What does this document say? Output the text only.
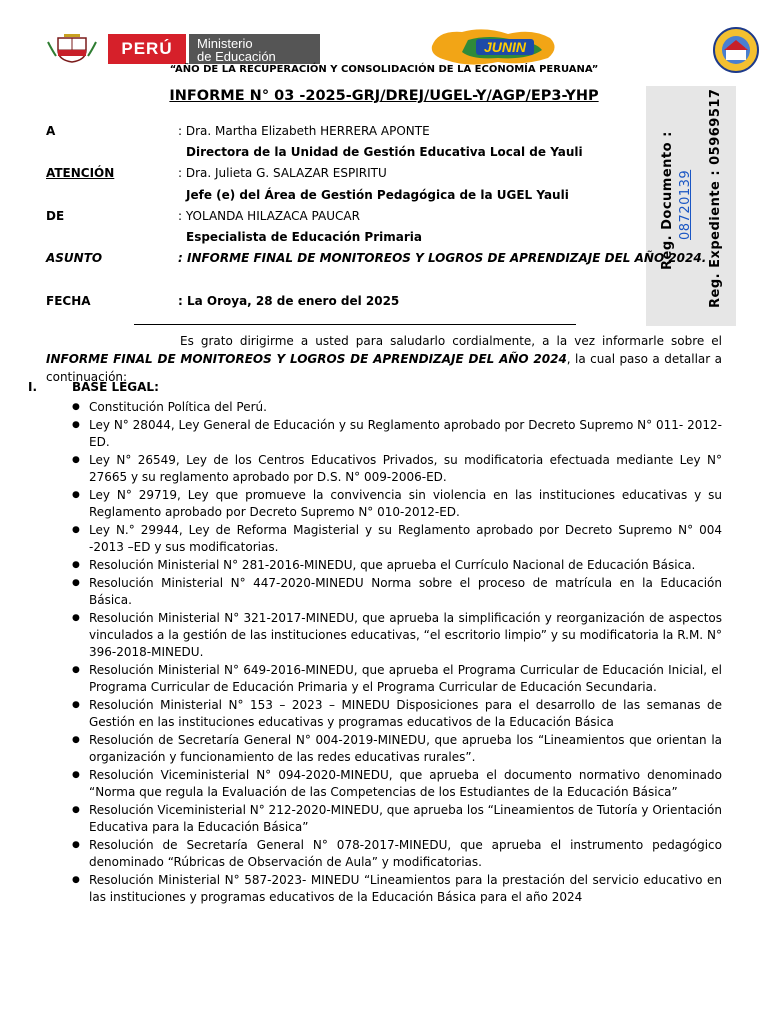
PERÚ	Ministerio
de Educación
JUNIN
“AÑO DE LA RECUPERACIÓN Y CONSOLIDACIÓN DE LA ECONOMÍA PERUANA”
INFORME N° 03 -2025-GRJ/DREJ/UGEL-Y/AGP/EP3-YHP
Reg. Documento : 08720139 Reg. Expediente : 05969517
A	: Dra. Martha Elizabeth HERRERA APONTE
Directora de la Unidad de Gestión Educativa Local de Yauli
ATENCIÓN	: Dra. Julieta G. SALAZAR ESPIRITU
Jefe (e) del Área de Gestión Pedagógica de la UGEL Yauli
DE	: YOLANDA HILAZACA PAUCAR
Especialista de Educación Primaria
ASUNTO	: INFORME FINAL DE MONITOREOS Y LOGROS DE APRENDIZAJE DEL AÑO 2024.
FECHA	: La Oroya, 28 de enero del 2025
Es grato dirigirme a usted para saludarlo cordialmente, a la vez informarle sobre el INFORME FINAL DE MONITOREOS Y LOGROS DE APRENDIZAJE DEL AÑO 2024, la cual paso a detallar a continuación:
I.	BASE LEGAL:
● Constitución Política del Perú.
● Ley N° 28044, Ley General de Educación y su Reglamento aprobado por Decreto Supremo N° 011- 2012-ED.
● Ley N° 26549, Ley de los Centros Educativos Privados, su modificatoria efectuada mediante Ley N° 27665 y su reglamento aprobado por D.S. N° 009-2006-ED.
● Ley N° 29719, Ley que promueve la convivencia sin violencia en las instituciones educativas y su Reglamento aprobado por Decreto Supremo N° 010-2012-ED.
● Ley N.° 29944, Ley de Reforma Magisterial y su Reglamento aprobado por Decreto Supremo N° 004 -2013 –ED y sus modificatorias.
● Resolución Ministerial N° 281-2016-MINEDU, que aprueba el Currículo Nacional de Educación Básica.
● Resolución Ministerial N° 447-2020-MINEDU Norma sobre el proceso de matrícula en la Educación Básica.
● Resolución Ministerial N° 321-2017-MINEDU, que aprueba la simplificación y reorganización de aspectos vinculados a la gestión de las instituciones educativas, “el escritorio limpio” y su modificatoria la R.M. N° 396-2018-MINEDU.
● Resolución Ministerial N° 649-2016-MINEDU, que aprueba el Programa Curricular de Educación Inicial, el Programa Curricular de Educación Primaria y el Programa Curricular de Educación Secundaria.
● Resolución Ministerial N° 153 – 2023 – MINEDU Disposiciones para el desarrollo de las semanas de Gestión en las instituciones educativas y programas educativos de la Educación Básica
● Resolución de Secretaría General N° 004-2019-MINEDU, que aprueba los “Lineamientos que orientan la organización y funcionamiento de las redes educativas rurales”.
● Resolución Viceministerial N° 094-2020-MINEDU, que aprueba el documento normativo denominado “Norma que regula la Evaluación de las Competencias de los Estudiantes de la Educación Básica”
● Resolución Viceministerial N° 212-2020-MINEDU, que aprueba los “Lineamientos de Tutoría y Orientación Educativa para la Educación Básica”
● Resolución de Secretaría General N° 078-2017-MINEDU, que aprueba el instrumento pedagógico denominado “Rúbricas de Observación de Aula” y modificatorias.
● Resolución Ministerial N° 587-2023- MINEDU “Lineamientos para la prestación del servicio educativo en las instituciones y programas educativos de la Educación Básica para el año 2024
